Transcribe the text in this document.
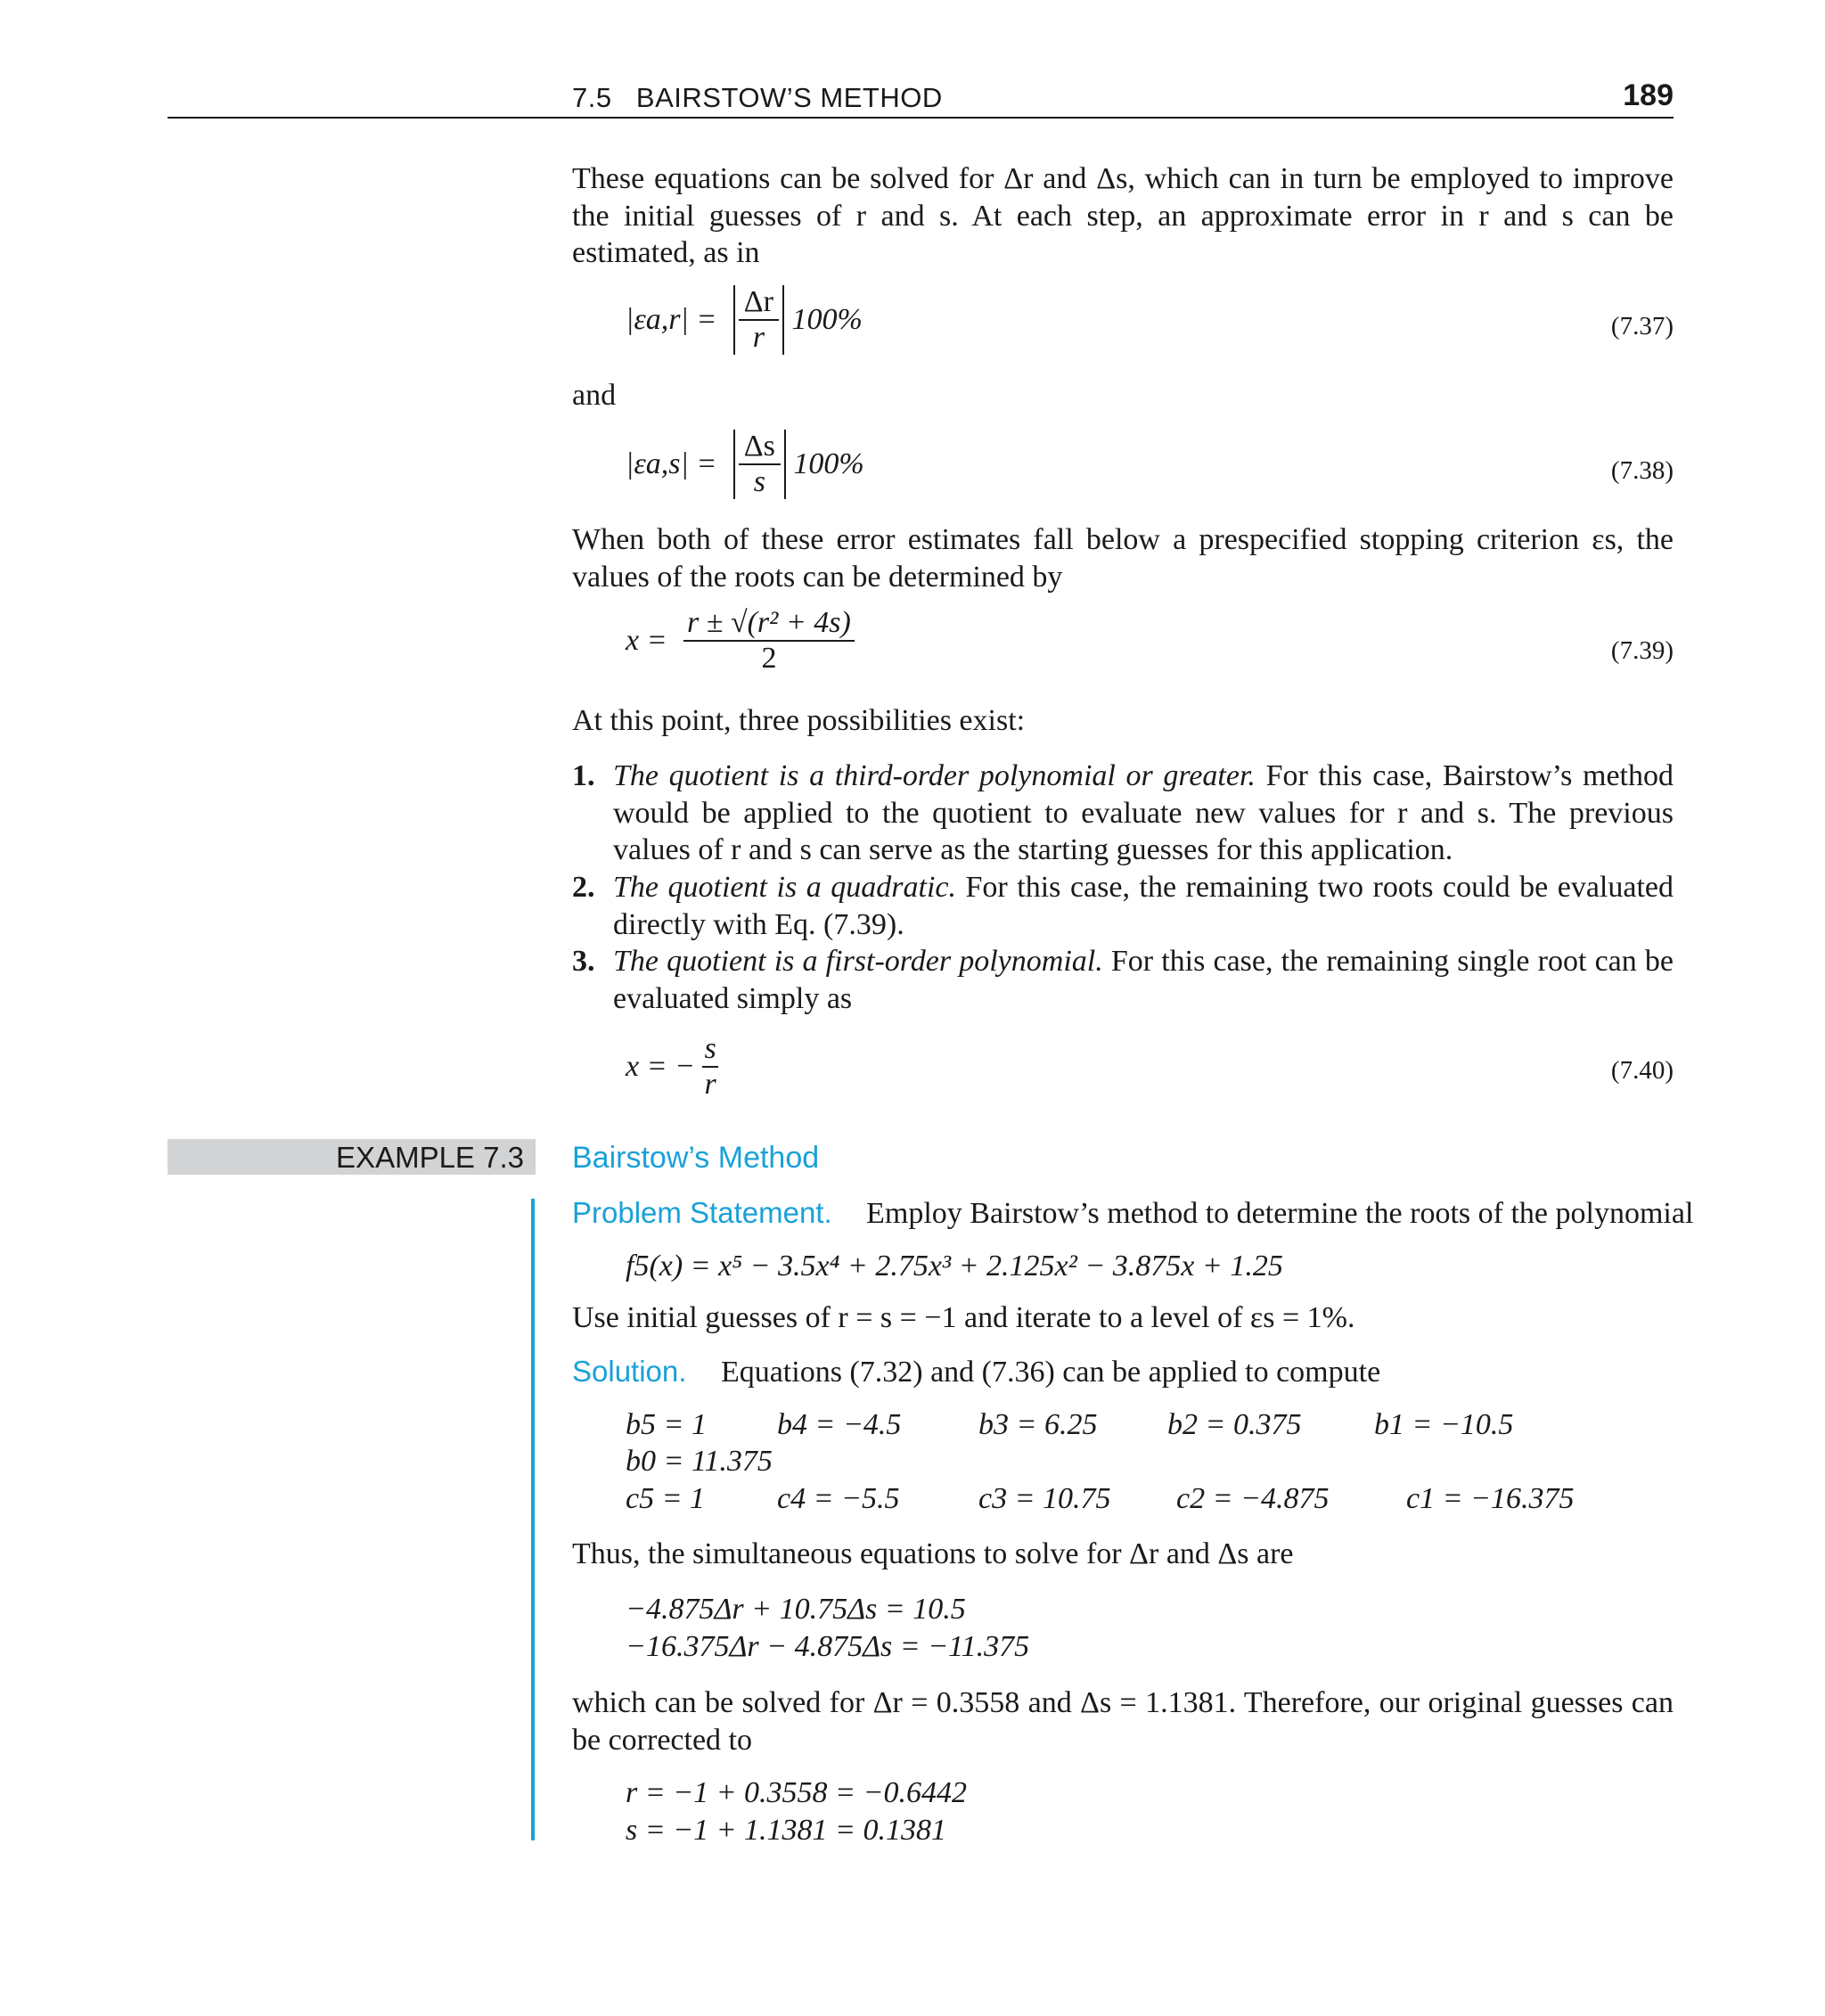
7.5   BAIRSTOW’S METHOD	189

These equations can be solved for Δr and Δs, which can in turn be employed to improve the initial guesses of r and s. At each step, an approximate error in r and s can be estimated, as in

$|\varepsilon a,r| = \frac{\Delta r}{r} 100\%$	(7.37)
and
$|\varepsilon a,s| = \frac{\Delta s}{s} 100\%$	(7.38)

When both of these error estimates fall below a prespecified stopping criterion εs, the values of the roots can be determined by

$x = \frac{\text{r ± √(r² + 4s)}}{2}$	(7.39)

At this point, three possibilities exist:

1. The quotient is a third-order polynomial or greater. For this case, Bairstow’s method would be applied to the quotient to evaluate new values for r and s. The previous values of r and s can serve as the starting guesses for this application.
2. The quotient is a quadratic. For this case, the remaining two roots could be evaluated directly with Eq. (7.39).
3. The quotient is a first-order polynomial. For this case, the remaining single root can be evaluated simply as
x = − $\frac{s}{r}$	(7.40)
EXAMPLE 7.3 Bairstow’s Method
Problem Statement. Employ Bairstow’s method to determine the roots of the polynomial
f5(x) = x⁵ − 3.5x⁴ + 2.75x³ + 2.125x² − 3.875x + 1.25
Use initial guesses of r = s = −1 and iterate to a level of εs = 1%.
Solution. Equations (7.32) and (7.36) can be applied to compute
b5 = 1 b4 = −4.5	b3 = 6.25 b2 = 0.375 b1 = −10.5
b0 = 11.375
c5 = 1 c4 = −5.5	c3 = 10.75 c2 = −4.875	c1 = −16.375
Thus, the simultaneous equations to solve for Δr and Δs are
−4.875Δr + 10.75Δs = 10.5
−16.375Δr − 4.875Δs = −11.375

which can be solved for Δr = 0.3558 and Δs = 1.1381. Therefore, our original guesses can be corrected to

r = −1 + 0.3558 = −0.6442
s = −1 + 1.1381 = 0.1381
